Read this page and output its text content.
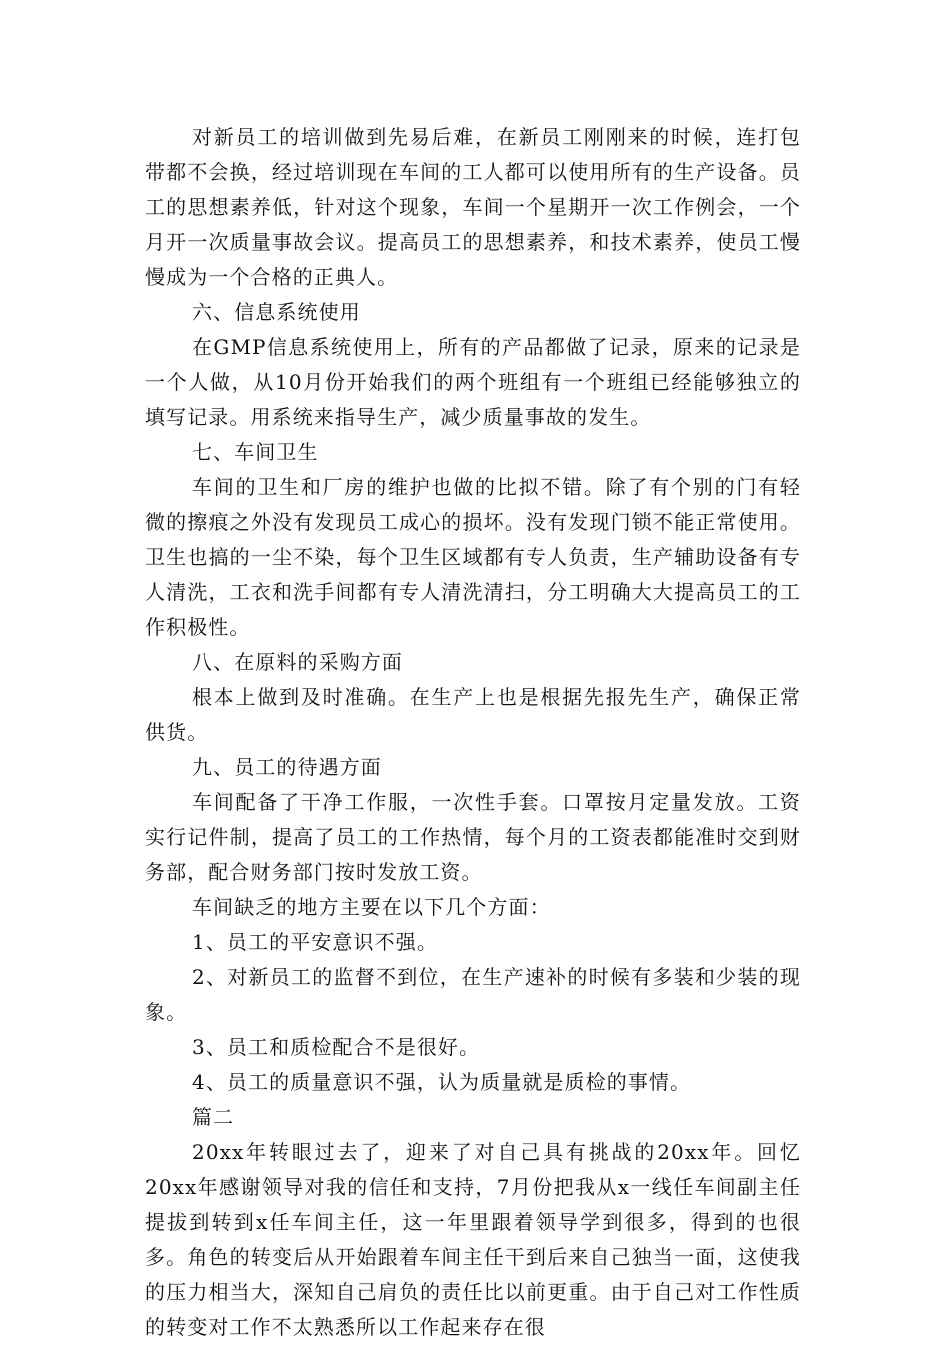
对新员工的培训做到先易后难，在新员工刚刚来的时候，连打包带都不会换，经过培训现在车间的工人都可以使用所有的生产设备。员工的思想素养低，针对这个现象，车间一个星期开一次工作例会，一个月开一次质量事故会议。提高员工的思想素养，和技术素养，使员工慢慢成为一个合格的正典人。

六、信息系统使用

在GMP信息系统使用上，所有的产品都做了记录，原来的记录是一个人做，从10月份开始我们的两个班组有一个班组已经能够独立的填写记录。用系统来指导生产，减少质量事故的发生。

七、车间卫生

车间的卫生和厂房的维护也做的比拟不错。除了有个别的门有轻微的擦痕之外没有发现员工成心的损坏。没有发现门锁不能正常使用。卫生也搞的一尘不染，每个卫生区域都有专人负责，生产辅助设备有专人清洗，工衣和洗手间都有专人清洗清扫，分工明确大大提高员工的工作积极性。

八、在原料的采购方面

根本上做到及时准确。在生产上也是根据先报先生产，确保正常供货。

九、员工的待遇方面

车间配备了干净工作服，一次性手套。口罩按月定量发放。工资实行记件制，提高了员工的工作热情，每个月的工资表都能准时交到财务部，配合财务部门按时发放工资。

车间缺乏的地方主要在以下几个方面：

1、员工的平安意识不强。

2、对新员工的监督不到位，在生产速补的时候有多装和少装的现象。

3、员工和质检配合不是很好。

4、员工的质量意识不强，认为质量就是质检的事情。

篇二

20xx年转眼过去了，迎来了对自己具有挑战的20xx年。回忆20xx年感谢领导对我的信任和支持，7月份把我从x一线任车间副主任提拔到转到x任车间主任，这一年里跟着领导学到很多，得到的也很多。角色的转变后从开始跟着车间主任干到后来自己独当一面，这使我的压力相当大，深知自己肩负的责任比以前更重。由于自己对工作性质的转变对工作不太熟悉所以工作起来存在很
